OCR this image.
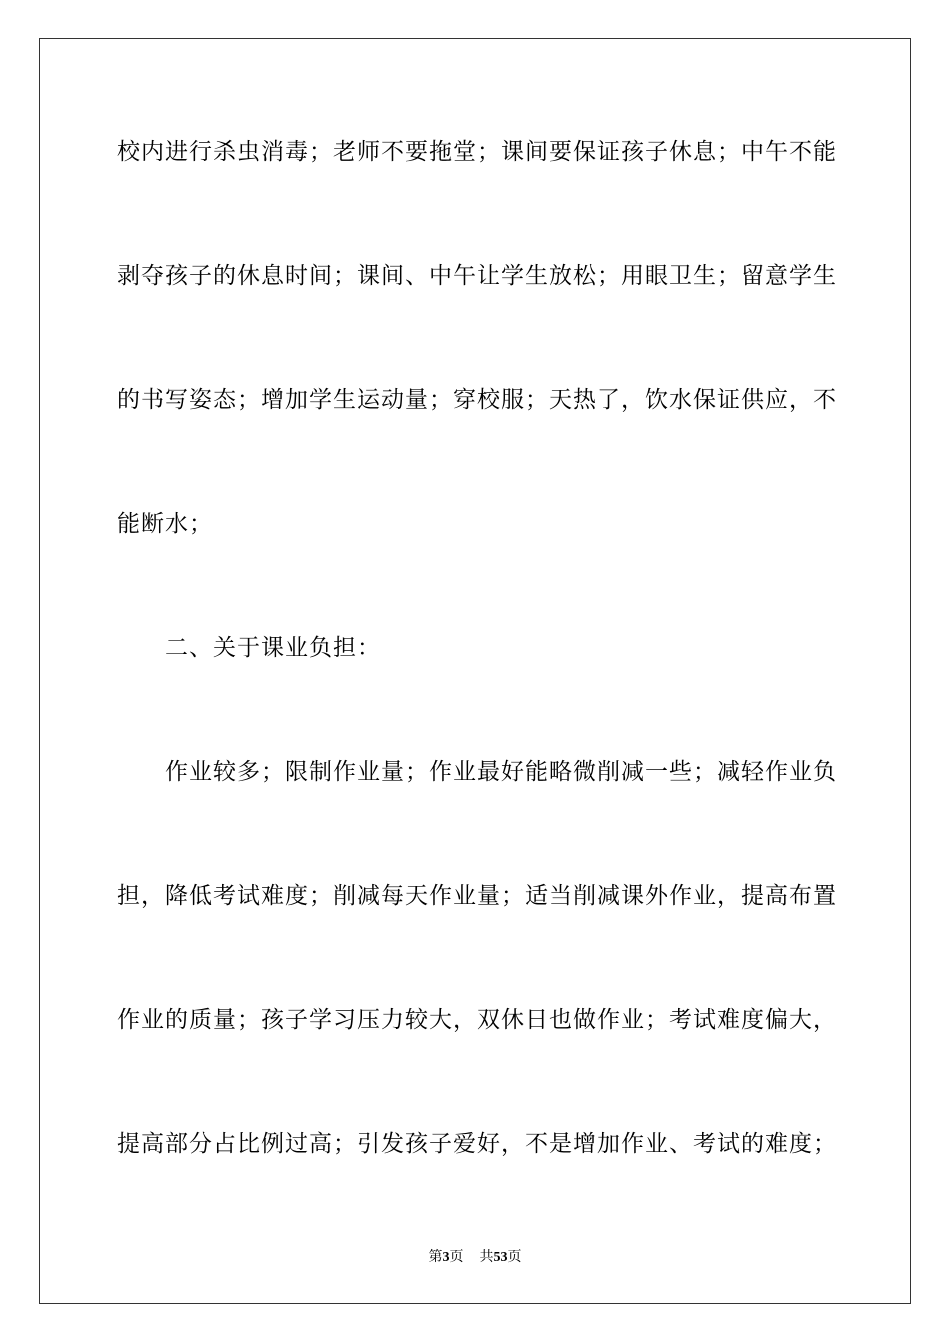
校内进行杀虫消毒；老师不要拖堂；课间要保证孩子休息；中午不能
剥夺孩子的休息时间；课间、中午让学生放松；用眼卫生；留意学生
的书写姿态；增加学生运动量；穿校服；天热了，饮水保证供应，不
能断水；
二、关于课业负担：
作业较多；限制作业量；作业最好能略微削减一些；减轻作业负
担，降低考试难度；削减每天作业量；适当削减课外作业，提高布置
作业的质量；孩子学习压力较大，双休日也做作业；考试难度偏大，
提高部分占比例过高；引发孩子爱好，不是增加作业、考试的难度；
第3页 共53页
